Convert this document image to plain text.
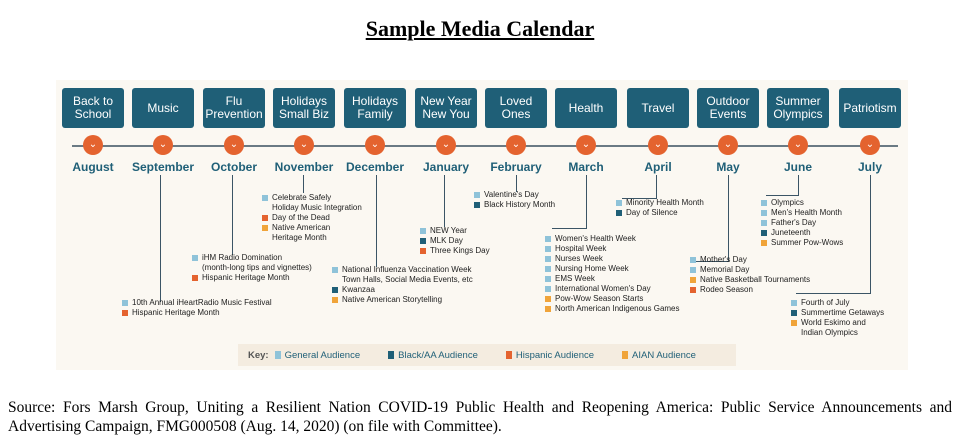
Sample Media Calendar
Back to School	Music	Flu Prevention
Holidays Small Biz
Holidays Family
New Year New You
Loved Ones	Health	Travel	Outdoor Events
Summer Olympics	Patriotism
⌄	⌄	⌄	⌄	⌄	⌄	⌄	⌄	⌄	⌄	⌄	⌄
August	September	October	November	December	January	February	March	April	May	June	July
10th Annual iHeartRadio Music Festival
Hispanic Heritage Month
iHM Radio Domination
(month-long tips and vignettes)
Hispanic Heritage Month
Celebrate Safely
Holiday Music Integration
Day of the Dead
Native American
Heritage Month
National Influenza Vaccination Week
Town Halls, Social Media Events, etc
Kwanzaa
Native American Storytelling
NEW Year
MLK Day
Three Kings Day
Valentine's Day
Black History Month
Women's Health Week
Hospital Week
Nurses Week
Nursing Home Week
EMS Week
International Women's Day
Pow-Wow Season Starts
North American Indigenous Games
Minority Health Month
Day of Silence
Mother's Day
Memorial Day
Native Basketball Tournaments
Rodeo Season
Olympics
Men's Health Month
Father's Day
Juneteenth
Summer Pow-Wows
Fourth of July
Summertime Getaways
World Eskimo and
Indian Olympics
Key: General Audience	Black/AA Audience	Hispanic Audience	AIAN Audience
Source: Fors Marsh Group, Uniting a Resilient Nation COVID-19 Public Health and Reopening America: Public Service Announcements and Advertising Campaign, FMG000508 (Aug. 14, 2020) (on file with Committee).
